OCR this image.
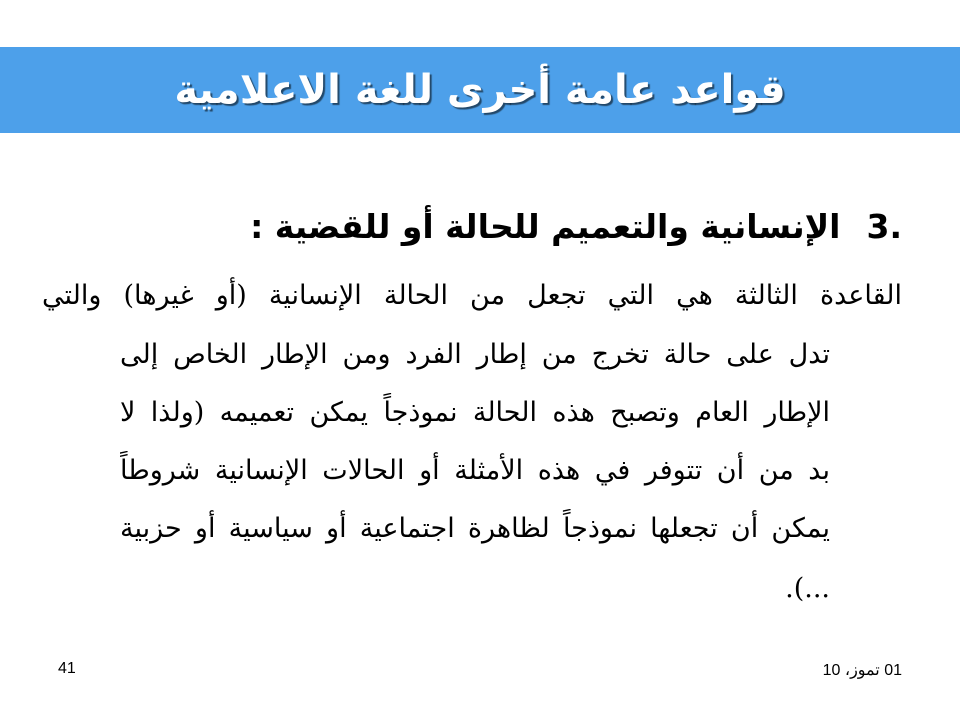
قواعد عامة أخرى للغة الاعلامية
3.
الإنسانية والتعميم للحالة أو للقضية :
القاعدة الثالثة هي التي تجعل من الحالة الإنسانية (أو غيرها) والتي
تدل على حالة تخرج من إطار الفرد ومن الإطار الخاص إلى
الإطار العام وتصبح هذه الحالة نموذجاً يمكن تعميمه (ولذا لا
بد من أن تتوفر في هذه الأمثلة أو الحالات الإنسانية شروطاً
يمكن أن تجعلها نموذجاً لظاهرة اجتماعية أو سياسية أو حزبية
...).
01 تموز، 10
41
